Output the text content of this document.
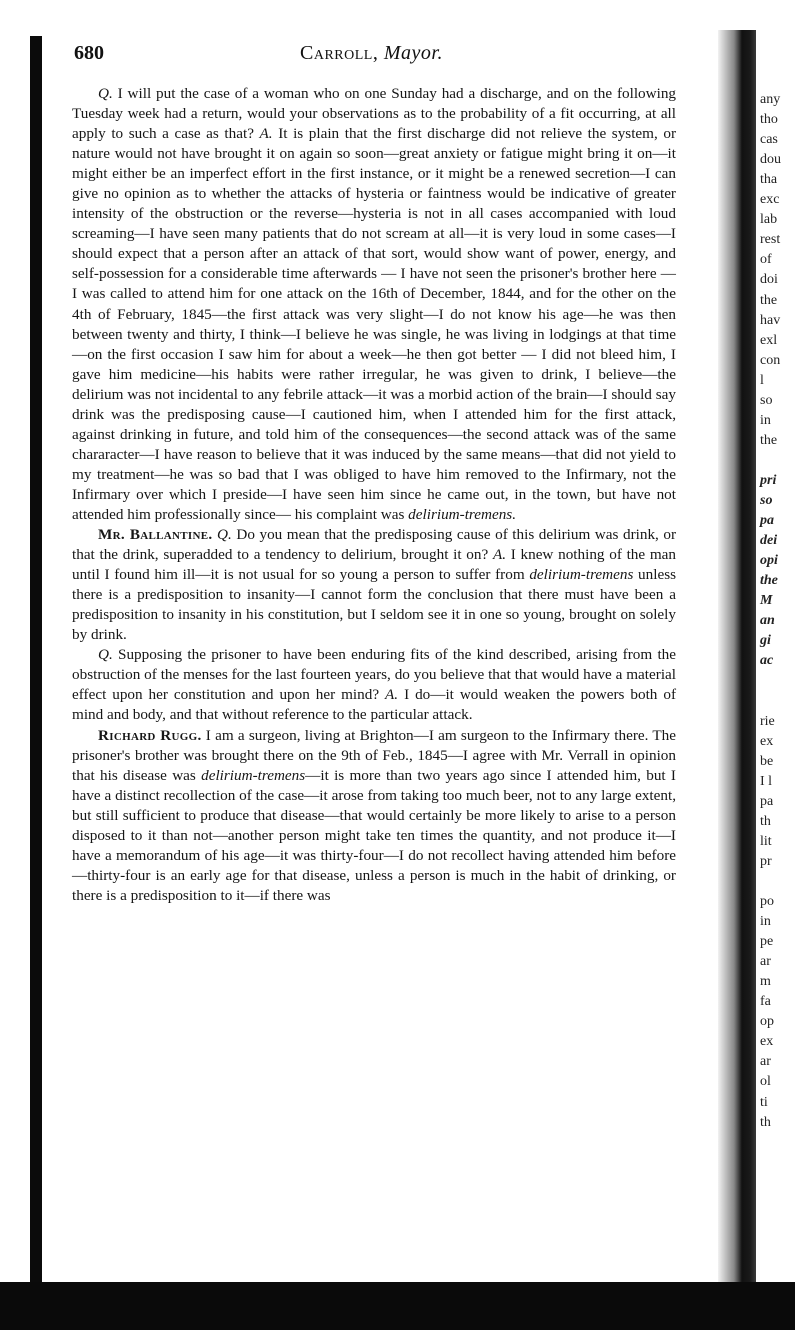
680	Carroll, Mayor.

Q. I will put the case of a woman who on one Sunday had a discharge, and on the following Tuesday week had a return, would your observations as to the probability of a fit occurring, at all apply to such a case as that? A. It is plain that the first discharge did not relieve the system, or nature would not have brought it on again so soon—great anxiety or fatigue might bring it on—it might either be an imperfect effort in the first instance, or it might be a renewed secretion—I can give no opinion as to whether the attacks of hysteria or faintness would be indicative of greater intensity of the obstruction or the reverse—hysteria is not in all cases accompanied with loud screaming—I have seen many patients that do not scream at all—it is very loud in some cases—I should expect that a person after an attack of that sort, would show want of power, energy, and self-possession for a considerable time afterwards — I have not seen the prisoner's brother here — I was called to attend him for one attack on the 16th of December, 1844, and for the other on the 4th of February, 1845—the first attack was very slight—I do not know his age—he was then between twenty and thirty, I think—I believe he was single, he was living in lodgings at that time —on the first occasion I saw him for about a week—he then got better — I did not bleed him, I gave him medicine—his habits were rather irregular, he was given to drink, I believe—the delirium was not incidental to any febrile attack—it was a morbid action of the brain—I should say drink was the predisposing cause—I cautioned him, when I attended him for the first attack, against drinking in future, and told him of the consequences—the second attack was of the same chararacter—I have reason to believe that it was induced by the same means—that did not yield to my treatment—he was so bad that I was obliged to have him removed to the Infirmary, not the Infirmary over which I preside—I have seen him since he came out, in the town, but have not attended him professionally since— his complaint was delirium-tremens.

Mr. Ballantine. Q. Do you mean that the predisposing cause of this delirium was drink, or that the drink, superadded to a tendency to delirium, brought it on? A. I knew nothing of the man until I found him ill—it is not usual for so young a person to suffer from delirium-tremens unless there is a predisposition to insanity—I cannot form the conclusion that there must have been a predisposition to insanity in his constitution, but I seldom see it in one so young, brought on solely by drink.

Q. Supposing the prisoner to have been enduring fits of the kind described, arising from the obstruction of the menses for the last fourteen years, do you believe that that would have a material effect upon her constitution and upon her mind? A. I do—it would weaken the powers both of mind and body, and that without reference to the particular attack.

Richard Rugg. I am a surgeon, living at Brighton—I am surgeon to the Infirmary there. The prisoner's brother was brought there on the 9th of Feb., 1845—I agree with Mr. Verrall in opinion that his disease was delirium-tremens—it is more than two years ago since I attended him, but I have a distinct recollection of the case—it arose from taking too much beer, not to any large extent, but still sufficient to produce that disease—that would certainly be more likely to arise to a person disposed to it than not—another person might take ten times the quantity, and not produce it—I have a memorandum of his age—it was thirty-four—I do not recollect having attended him before—thirty-four is an early age for that disease, unless a person is much in the habit of drinking, or there is a predisposition to it—if there was

any
tho
cas
dou
tha
exc
lab
rest
of
doi
the
hav
exl
con
l
so
in
the
pri
so
pa
dei
opi
the
M
an
gi
ac
rie
ex
be
I l
pa
th
lit
pr
po
in
pe
ar
m
fa
op
ex
ar
ol
ti
th
